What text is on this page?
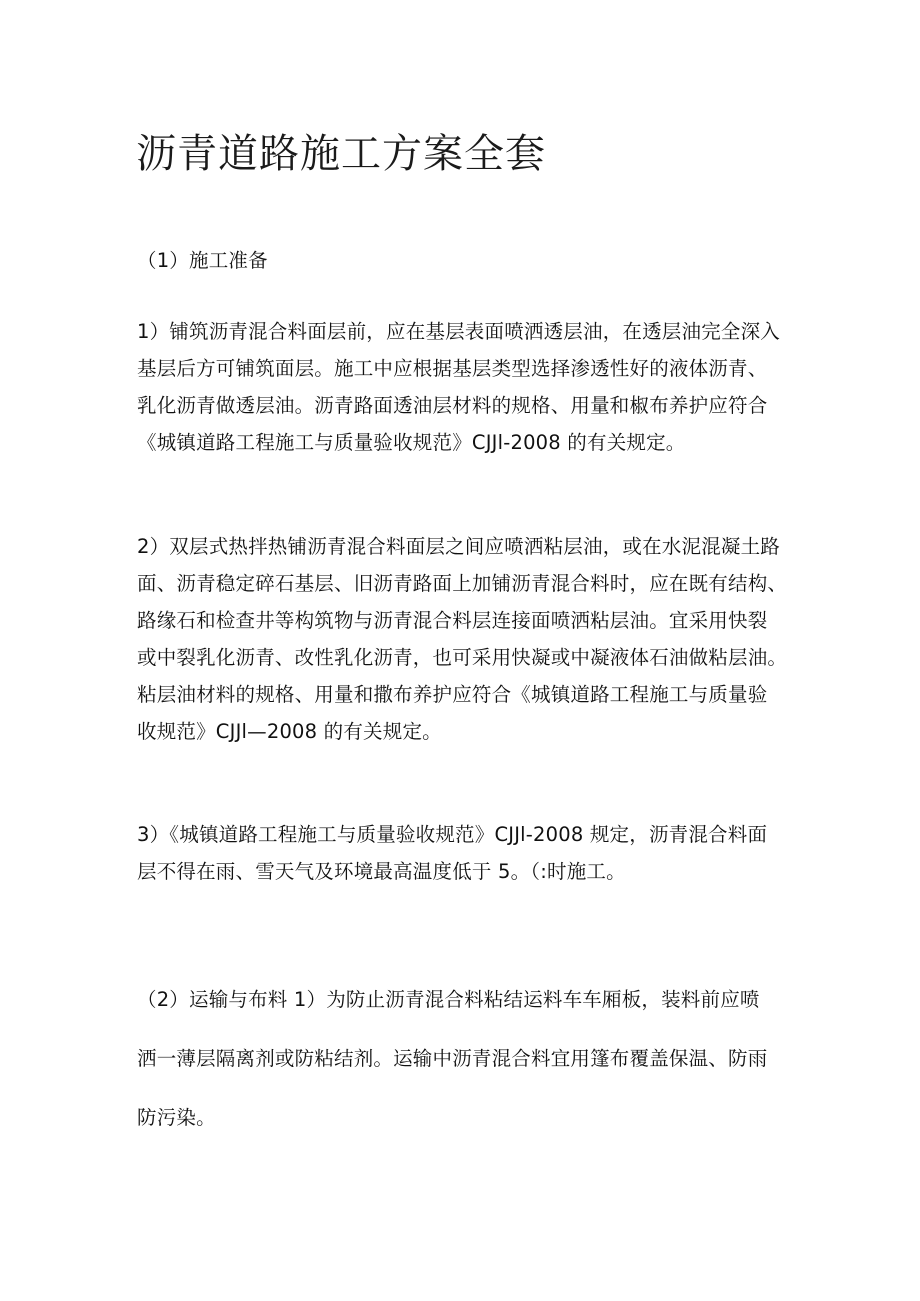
沥青道路施工方案全套
（1）施工准备
1）铺筑沥青混合料面层前，应在基层表面喷洒透层油，在透层油完全深入
基层后方可铺筑面层。施工中应根据基层类型选择渗透性好的液体沥青、
乳化沥青做透层油。沥青路面透油层材料的规格、用量和椒布养护应符合
《城镇道路工程施工与质量验收规范》CJJl-2008 的有关规定。
2）双层式热拌热铺沥青混合料面层之间应喷洒粘层油，或在水泥混凝土路
面、沥青稳定碎石基层、旧沥青路面上加铺沥青混合料时，应在既有结构、
路缘石和检查井等构筑物与沥青混合料层连接面喷洒粘层油。宜采用快裂
或中裂乳化沥青、改性乳化沥青，也可采用快凝或中凝液体石油做粘层油。
粘层油材料的规格、用量和撒布养护应符合《城镇道路工程施工与质量验
收规范》CJJl—2008 的有关规定。
3）《城镇道路工程施工与质量验收规范》CJJl-2008 规定，沥青混合料面
层不得在雨、雪天气及环境最高温度低于 5。（:时施工。
（2）运输与布料 1）为防止沥青混合料粘结运料车车厢板，装料前应喷
洒一薄层隔离剂或防粘结剂。运输中沥青混合料宜用篷布覆盖保温、防雨
防污染。
